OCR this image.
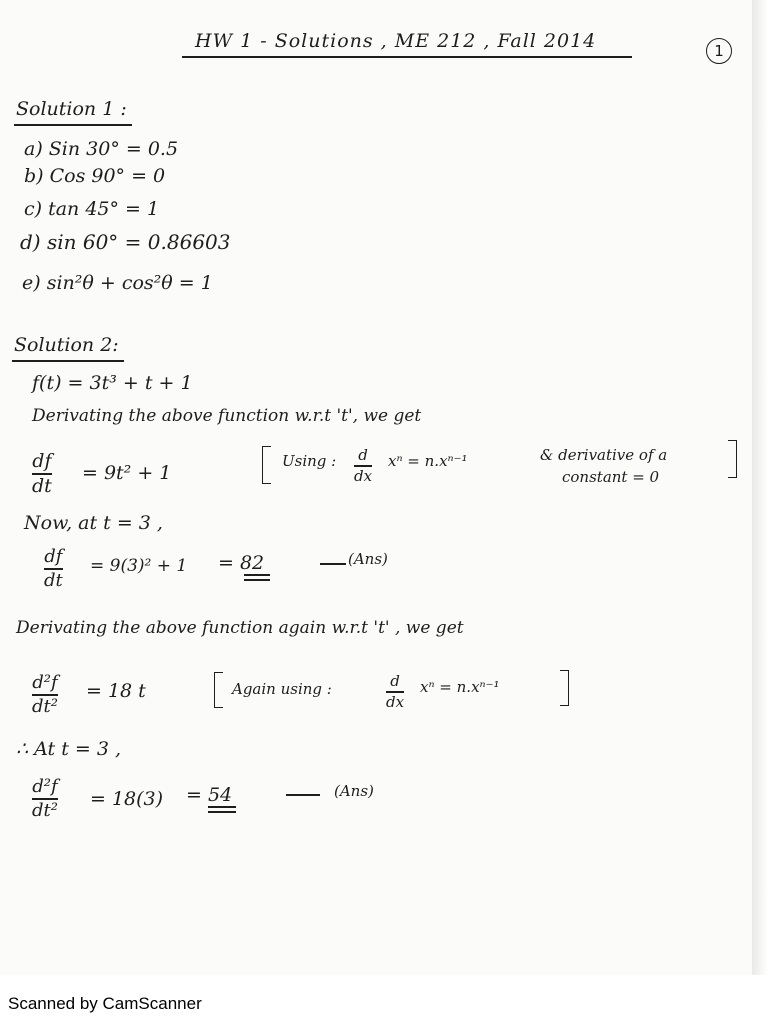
HW 1 - Solutions , ME 212 , Fall 2014	1
Solution 1 :
a) Sin 30° = 0.5
b) Cos 90° = 0
c) tan 45° = 1
d) sin 60° = 0.86603
e) sin²θ + cos²θ = 1
Solution 2:
f(t) = 3t³ + t + 1
Derivating the above function w.r.t 't', we get
df
dt
= 9t² + 1
Using : d
dx
xⁿ = n.xⁿ⁻¹	& derivative of a
constant = 0
Now, at t = 3 ,
df
dt
= 9(3)² + 1 = 82	(Ans)
Derivating the above function again w.r.t 't' , we get
d²f
dt²
= 18 t	Again using :	d
dx
xⁿ = n.xⁿ⁻¹
∴ At t = 3 ,
d²f
dt² = 18(3) = 54	(Ans)
Scanned by CamScanner
